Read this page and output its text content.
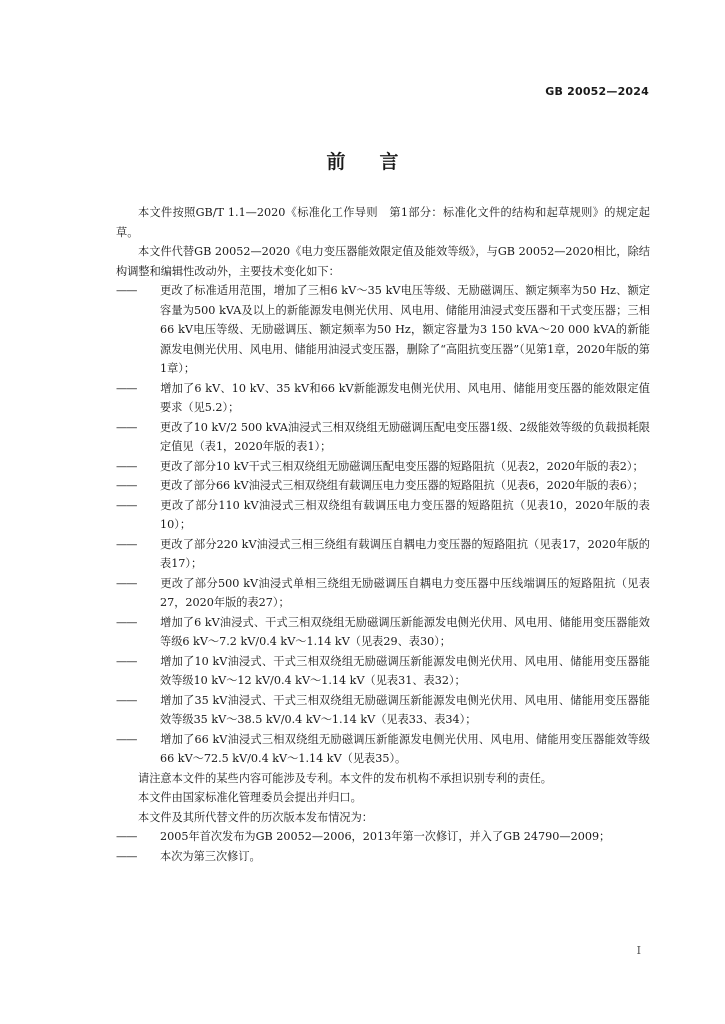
GB 20052—2024
前言

本文件按照GB/T 1.1—2020《标准化工作导则　第1部分：标准化文件的结构和起草规则》的规定起草。

本文件代替GB 20052—2020《电力变压器能效限定值及能效等级》，与GB 20052—2020相比，除结构调整和编辑性改动外，主要技术变化如下：

—— 更改了标准适用范围，增加了三相6 kV～35 kV电压等级、无励磁调压、额定频率为50 Hz、额定容量为500 kVA及以上的新能源发电侧光伏用、风电用、储能用油浸式变压器和干式变压器；三相66 kV电压等级、无励磁调压、额定频率为50 Hz，额定容量为3 150 kVA～20 000 kVA的新能源发电侧光伏用、风电用、储能用油浸式变压器，删除了“高阻抗变压器”（见第1章，2020年版的第1章）；

—— 增加了6 kV、10 kV、35 kV和66 kV新能源发电侧光伏用、风电用、储能用变压器的能效限定值要求（见5.2）；

—— 更改了10 kV/2 500 kVA油浸式三相双绕组无励磁调压配电变压器1级、2级能效等级的负载损耗限定值见（表1，2020年版的表1）；

—— 更改了部分10 kV干式三相双绕组无励磁调压配电变压器的短路阻抗（见表2，2020年版的表2）；

—— 更改了部分66 kV油浸式三相双绕组有载调压电力变压器的短路阻抗（见表6，2020年版的表6）；

—— 更改了部分110 kV油浸式三相双绕组有载调压电力变压器的短路阻抗（见表10，2020年版的表10）；

—— 更改了部分220 kV油浸式三相三绕组有载调压自耦电力变压器的短路阻抗（见表17，2020年版的表17）；

—— 更改了部分500 kV油浸式单相三绕组无励磁调压自耦电力变压器中压线端调压的短路阻抗（见表27，2020年版的表27）；

—— 增加了6 kV油浸式、干式三相双绕组无励磁调压新能源发电侧光伏用、风电用、储能用变压器能效等级6 kV～7.2 kV/0.4 kV～1.14 kV（见表29、表30）；

—— 增加了10 kV油浸式、干式三相双绕组无励磁调压新能源发电侧光伏用、风电用、储能用变压器能效等级10 kV～12 kV/0.4 kV～1.14 kV（见表31、表32）；

—— 增加了35 kV油浸式、干式三相双绕组无励磁调压新能源发电侧光伏用、风电用、储能用变压器能效等级35 kV～38.5 kV/0.4 kV～1.14 kV（见表33、表34）；

—— 增加了66 kV油浸式三相双绕组无励磁调压新能源发电侧光伏用、风电用、储能用变压器能效等级66 kV～72.5 kV/0.4 kV～1.14 kV（见表35）。

请注意本文件的某些内容可能涉及专利。本文件的发布机构不承担识别专利的责任。

本文件由国家标准化管理委员会提出并归口。

本文件及其所代替文件的历次版本发布情况为：

—— 2005年首次发布为GB 20052—2006，2013年第一次修订，并入了GB 24790—2009；

—— 本次为第三次修订。

Ⅰ
